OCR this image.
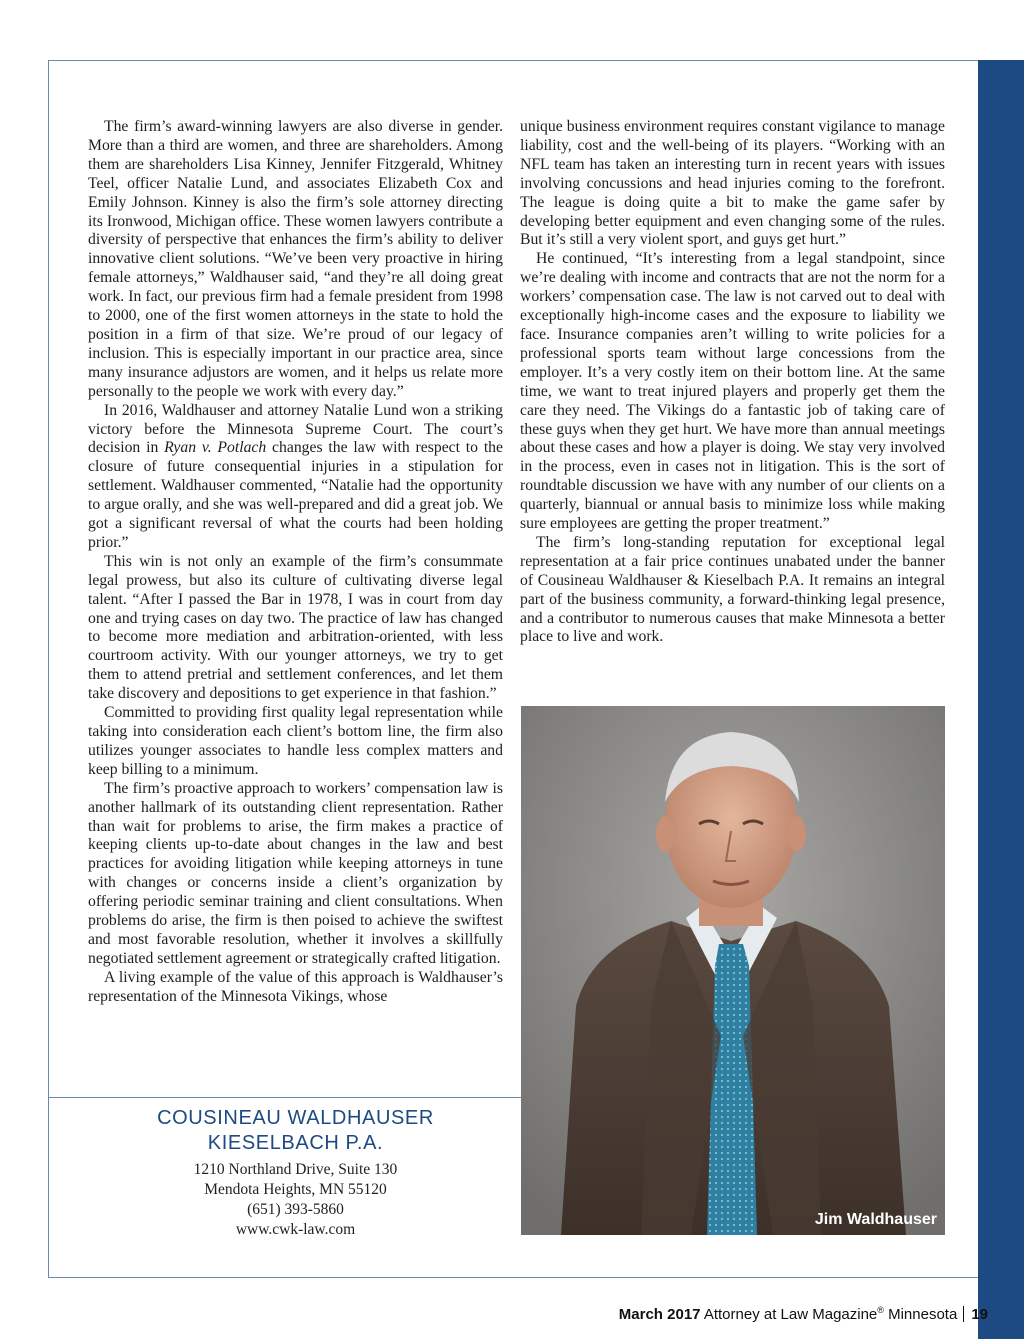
The firm’s award-winning lawyers are also diverse in gender. More than a third are women, and three are shareholders. Among them are shareholders Lisa Kinney, Jennifer Fitzgerald, Whitney Teel, officer Natalie Lund, and associates Elizabeth Cox and Emily Johnson. Kinney is also the firm’s sole attorney directing its Ironwood, Michigan office. These women lawyers contribute a diversity of perspective that enhances the firm’s ability to deliver innovative client solutions. “We’ve been very proactive in hiring female attorneys,” Waldhauser said, “and they’re all doing great work. In fact, our previous firm had a female president from 1998 to 2000, one of the first women attorneys in the state to hold the position in a firm of that size. We’re proud of our legacy of inclusion. This is especially important in our practice area, since many insurance adjustors are women, and it helps us relate more personally to the people we work with every day.”

In 2016, Waldhauser and attorney Natalie Lund won a striking victory before the Minnesota Supreme Court. The court’s decision in Ryan v. Potlach changes the law with respect to the closure of future consequential injuries in a stipulation for settlement. Waldhauser commented, “Natalie had the opportunity to argue orally, and she was well-prepared and did a great job. We got a significant reversal of what the courts had been holding prior.”

This win is not only an example of the firm’s consummate legal prowess, but also its culture of cultivating diverse legal talent. “After I passed the Bar in 1978, I was in court from day one and trying cases on day two. The practice of law has changed to become more mediation and arbitration-oriented, with less courtroom activity. With our younger attorneys, we try to get them to attend pretrial and settlement conferences, and let them take discovery and depositions to get experience in that fashion.”

Committed to providing first quality legal representation while taking into consideration each client’s bottom line, the firm also utilizes younger associates to handle less complex matters and keep billing to a minimum.

The firm’s proactive approach to workers’ compensation law is another hallmark of its outstanding client representation. Rather than wait for problems to arise, the firm makes a practice of keeping clients up-to-date about changes in the law and best practices for avoiding litigation while keeping attorneys in tune with changes or concerns inside a client’s organization by offering periodic seminar training and client consultations. When problems do arise, the firm is then poised to achieve the swiftest and most favorable resolution, whether it involves a skillfully negotiated settlement agreement or strategically crafted litigation.

A living example of the value of this approach is Waldhauser’s representation of the Minnesota Vikings, whose

unique business environment requires constant vigilance to manage liability, cost and the well-being of its players. “Working with an NFL team has taken an interesting turn in recent years with issues involving concussions and head injuries coming to the forefront. The league is doing quite a bit to make the game safer by developing better equipment and even changing some of the rules. But it’s still a very violent sport, and guys get hurt.”

He continued, “It’s interesting from a legal standpoint, since we’re dealing with income and contracts that are not the norm for a workers’ compensation case. The law is not carved out to deal with exceptionally high-income cases and the exposure to liability we face. Insurance companies aren’t willing to write policies for a professional sports team without large concessions from the employer. It’s a very costly item on their bottom line. At the same time, we want to treat injured players and properly get them the care they need. The Vikings do a fantastic job of taking care of these guys when they get hurt. We have more than annual meetings about these cases and how a player is doing. We stay very involved in the process, even in cases not in litigation. This is the sort of roundtable discussion we have with any number of our clients on a quarterly, biannual or annual basis to minimize loss while making sure employees are getting the proper treatment.”

The firm’s long-standing reputation for exceptional legal representation at a fair price continues unabated under the banner of Cousineau Waldhauser & Kieselbach P.A. It remains an integral part of the business community, a forward-thinking legal presence, and a contributor to numerous causes that make Minnesota a better place to live and work.

COUSINEAU WALDHAUSER
KIESELBACH P.A.
1210 Northland Drive, Suite 130
Mendota Heights, MN 55120
(651) 393-5860
www.cwk-law.com
Jim Waldhauser
March 2017 Attorney at Law Magazine® Minnesota 19
